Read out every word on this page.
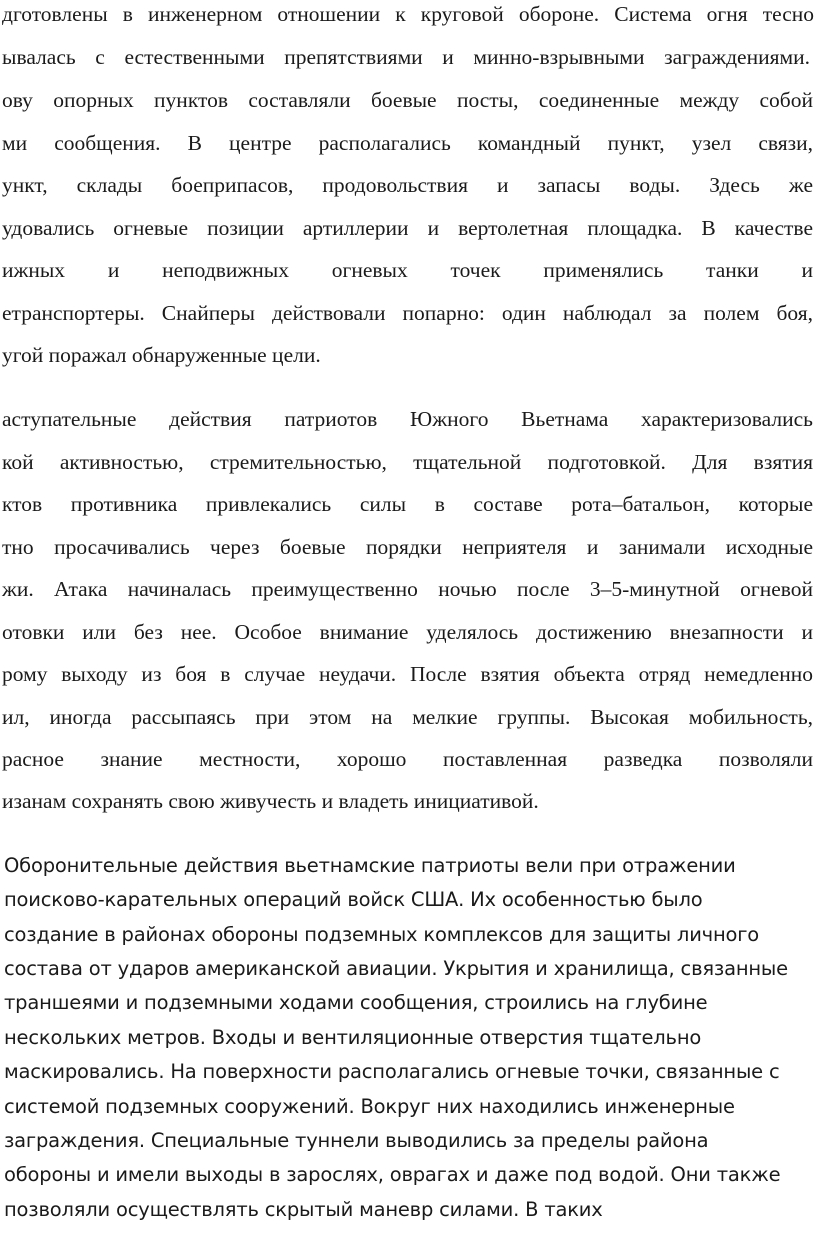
дготовлены в инженерном отношении к круговой обороне. Система огня тесно

ывалась с естественными препятствиями и минно-взрывными заграждениями.

ову опорных пунктов составляли боевые посты, соединенные между собой

ми сообщения. В центре располагались командный пункт, узел связи,

ункт, склады боеприпасов, продовольствия и запасы воды. Здесь же

удовались огневые позиции артиллерии и вертолетная площадка. В качестве

ижных и неподвижных огневых точек применялись танки и

етранспортеры. Снайперы действовали попарно: один наблюдал за полем боя,

угой поражал обнаруженные цели.

аступательные действия патриотов Южного Вьетнама характеризовались

кой активностью, стремительностью, тщательной подготовкой. Для взятия

ктов противника привлекались силы в составе рота–батальон, которые

тно просачивались через боевые порядки неприятеля и занимали исходные

жи. Атака начиналась преимущественно ночью после 3–5-минутной огневой

отовки или без нее. Особое внимание уделялось достижению внезапности и

рому выходу из боя в случае неудачи. После взятия объекта отряд немедленно

ил, иногда рассыпаясь при этом на мелкие группы. Высокая мобильность,

расное знание местности, хорошо поставленная разведка позволяли

изанам сохранять свою живучесть и владеть инициативой.

Оборонительные действия вьетнамские патриоты вели при отражении

поисково-карательных операций войск США. Их особенностью было

создание в районах обороны подземных комплексов для защиты личного

состава от ударов американской авиации. Укрытия и хранилища, связанные

траншеями и подземными ходами сообщения, строились на глубине

нескольких метров. Входы и вентиляционные отверстия тщательно

маскировались. На поверхности располагались огневые точки, связанные с

системой подземных сооружений. Вокруг них находились инженерные

заграждения. Специальные туннели выводились за пределы района

обороны и имели выходы в зарослях, оврагах и даже под водой. Они также

позволяли осуществлять скрытый маневр силами. В таких
